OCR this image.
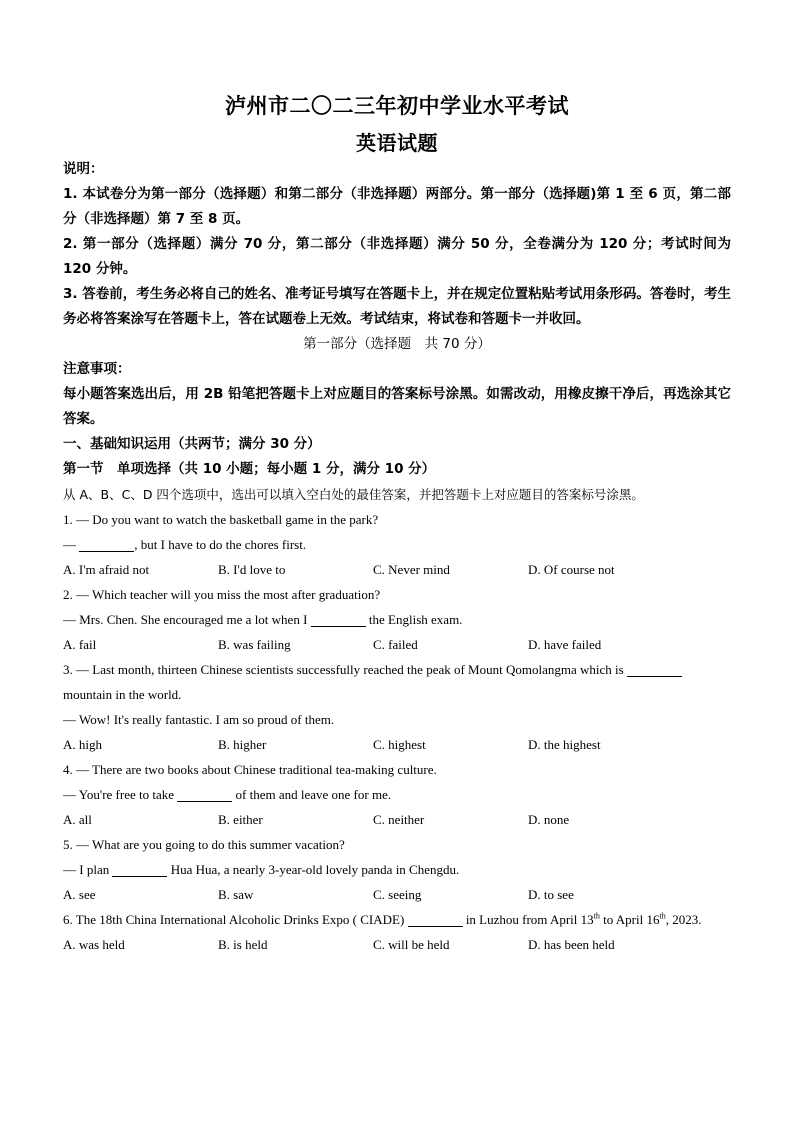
泸州市二〇二三年初中学业水平考试
英语试题
说明：
1. 本试卷分为第一部分（选择题）和第二部分（非选择题）两部分。第一部分（选择题)第 1 至 6 页，第二部分（非选择题）第 7 至 8 页。
2. 第一部分（选择题）满分 70 分，第二部分（非选择题）满分 50 分，全卷满分为 120 分；考试时间为 120 分钟。
3. 答卷前，考生务必将自己的姓名、准考证号填写在答题卡上，并在规定位置粘贴考试用条形码。答卷时，考生务必将答案涂写在答题卡上，答在试题卷上无效。考试结束，将试卷和答题卡一并收回。
第一部分（选择题　共 70 分）
注意事项：
每小题答案选出后，用 2B 铅笔把答题卡上对应题目的答案标号涂黑。如需改动，用橡皮擦干净后，再选涂其它答案。
一、基础知识运用（共两节；满分 30 分）
第一节　单项选择（共 10 小题；每小题 1 分，满分 10 分）
从 A、B、C、D 四个选项中，选出可以填入空白处的最佳答案，并把答题卡上对应题目的答案标号涂黑。
1. — Do you want to watch the basketball game in the park?
—	, but I have to do the chores first.
A. I'm afraid not	B. I'd love to	C. Never mind	D. Of course not
2. — Which teacher will you miss the most after graduation?
— Mrs. Chen. She encouraged me a lot when I	the English exam.
A. fail	B. was failing	C. failed	D. have failed
3. — Last month, thirteen Chinese scientists successfully reached the peak of Mount Qomolangma which is  mountain in the world.
— Wow! It's really fantastic. I am so proud of them.
A. high	B. higher	C. highest	D. the highest
4. — There are two books about Chinese traditional tea-making culture.
— You're free to take	of them and leave one for me.
A. all	B. either	C. neither	D. none
5. — What are you going to do this summer vacation?
— I plan	Hua Hua, a nearly 3-year-old lovely panda in Chengdu.
A. see	B. saw	C. seeing	D. to see
6. The 18th China International Alcoholic Drinks Expo ( CIADE)	in Luzhou from April 13th to April 16th, 2023.
A. was held	B. is held	C. will be held	D. has been held
